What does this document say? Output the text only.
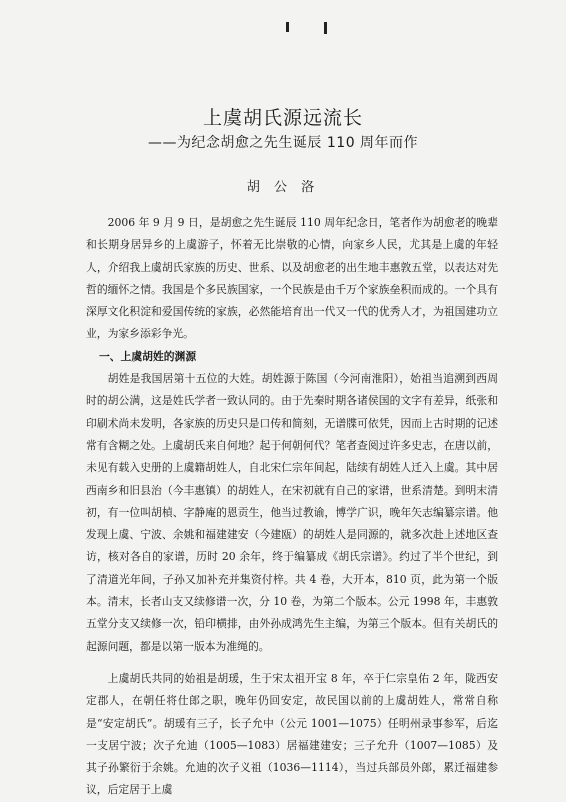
上虞胡氏源远流长
——为纪念胡愈之先生诞辰 110 周年而作
胡 公 洛

2006 年 9 月 9 日，是胡愈之先生诞辰 110 周年纪念日，笔者作为胡愈老的晚辈和长期身居异乡的上虞游子，怀着无比崇敬的心情，向家乡人民，尤其是上虞的年轻人，介绍我上虞胡氏家族的历史、世系、以及胡愈老的出生地丰惠敦五堂，以表达对先哲的缅怀之情。我国是个多民族国家，一个民族是由千万个家族垒积而成的。一个具有深厚文化积淀和爱国传统的家族，必然能培育出一代又一代的优秀人才，为祖国建功立业，为家乡添彩争光。

一、上虞胡姓的渊源

胡姓是我国居第十五位的大姓。胡姓源于陈国（今河南淮阳），始祖当追溯到西周时的胡公满，这是姓氏学者一致认同的。由于先秦时期各诸侯国的文字有差异，纸张和印刷术尚未发明，各家族的历史只是口传和简刻，无谱牒可依凭，因而上古时期的记述常有含糊之处。上虞胡氏来自何地？起于何朝何代？笔者查阅过许多史志，在唐以前，未见有载入史册的上虞籍胡姓人，自北宋仁宗年间起，陆续有胡姓人迁入上虞。其中居西南乡和旧县治（今丰惠镇）的胡姓人，在宋初就有自己的家谱，世系清楚。到明末清初，有一位叫胡楨、字静庵的恩贡生，他当过教谕，博学广识，晚年矢志编纂宗谱。他发现上虞、宁波、余姚和福建建安（今建瓯）的胡姓人是同源的，就多次赴上述地区查访，核对各自的家谱，历时 20 余年，终于编纂成《胡氏宗谱》。约过了半个世纪，到了清道光年间，子孙又加补充并集资付梓。共 4 卷，大开本，810 页，此为第一个版本。清末，长者山支又续修谱一次，分 10 卷，为第二个版本。公元 1998 年，丰惠敦五堂分支又续修一次，铅印横排，由外孙成鸿先生主编，为第三个版本。但有关胡氏的起源问题，都是以第一版本为准绳的。

上虞胡氏共同的始祖是胡瑗，生于宋太祖开宝 8 年，卒于仁宗皇佑 2 年，陇西安定郡人，在朝任将仕郎之职，晚年仍回安定，故民国以前的上虞胡姓人，常常自称是“安定胡氏”。胡瑗有三子，长子允中（公元 1001—1075）任明州录事参军，后迄一支居宁波；次子允迪（1005—1083）居福建建安；三子允升（1007—1085）及其子孙繁衍于余姚。允迪的次子义祖（1036—1114），当过兵部员外郎，累迁福建参议，后定居于上虞
